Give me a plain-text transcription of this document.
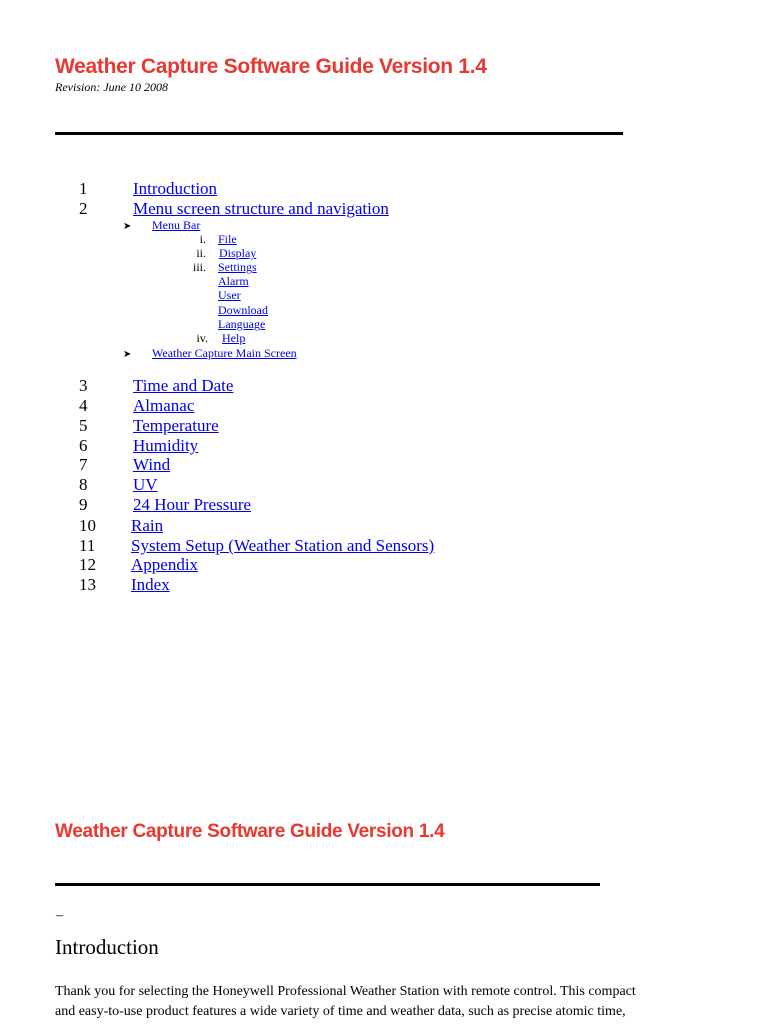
Weather Capture Software Guide Version 1.4
Revision: June 10 2008
1	Introduction
2	Menu screen structure and navigation
➤ Menu Bar
i. File
ii. Display
iii. Settings
Alarm
User
Download
Language
iv. Help
➤ Weather Capture Main Screen
3	Time and Date
4	Almanac
5	Temperature
6	Humidity
7	Wind
8	UV
9	24 Hour Pressure
10 Rain
11 System Setup (Weather Station and Sensors)
12 Appendix
13 Index
Weather Capture Software Guide Version 1.4
–
Introduction
Thank you for selecting the Honeywell Professional Weather Station with remote control. This compact
and easy-to-use product features a wide variety of time and weather data, such as precise atomic time,
